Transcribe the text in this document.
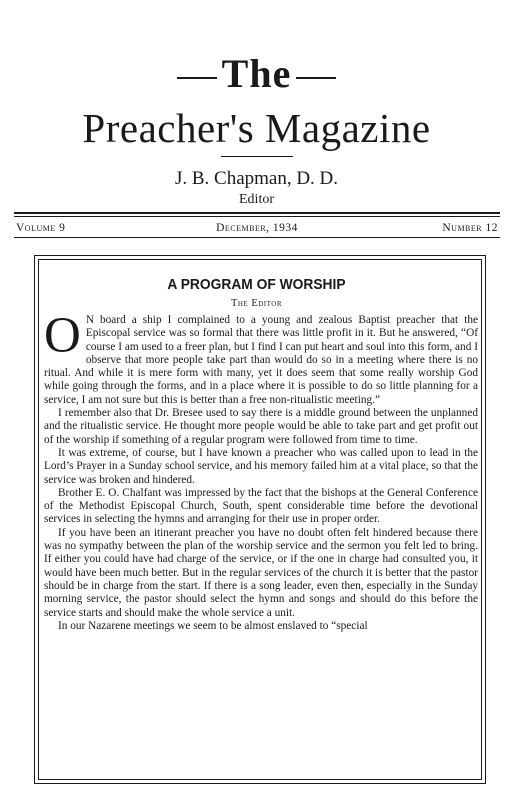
The
Preacher's Magazine
J. B. Chapman, D. D.
Editor
Volume 9	December, 1934	Number 12
A PROGRAM OF WORSHIP
The Editor

O N board a ship I complained to a young and zealous Baptist preacher that the Episcopal service was so formal that there was little profit in it. But he answered, “Of course I am used to a freer plan, but I find I can put heart and soul into this form, and I observe that more people take part than would do so in a meeting where there is no ritual. And while it is mere form with many, yet it does seem that some really worship God while going through the forms, and in a place where it is possible to do so little planning for a service, I am not sure but this is better than a free non-ritualistic meeting.”

I remember also that Dr. Bresee used to say there is a middle ground between the unplanned and the ritualistic service. He thought more people would be able to take part and get profit out of the worship if something of a regular program were followed from time to time.

It was extreme, of course, but I have known a preacher who was called upon to lead in the Lord’s Prayer in a Sunday school service, and his memory failed him at a vital place, so that the service was broken and hindered.

Brother E. O. Chalfant was impressed by the fact that the bishops at the General Conference of the Methodist Episcopal Church, South, spent considerable time before the devotional services in selecting the hymns and arranging for their use in proper order.

If you have been an itinerant preacher you have no doubt often felt hindered because there was no sympathy between the plan of the worship service and the sermon you felt led to bring. If either you could have had charge of the service, or if the one in charge had consulted you, it would have been much better. But in the regular services of the church it is better that the pastor should be in charge from the start. If there is a song leader, even then, especially in the Sunday morning service, the pastor should select the hymn and songs and should do this before the service starts and should make the whole service a unit.

In our Nazarene meetings we seem to be almost enslaved to “special
